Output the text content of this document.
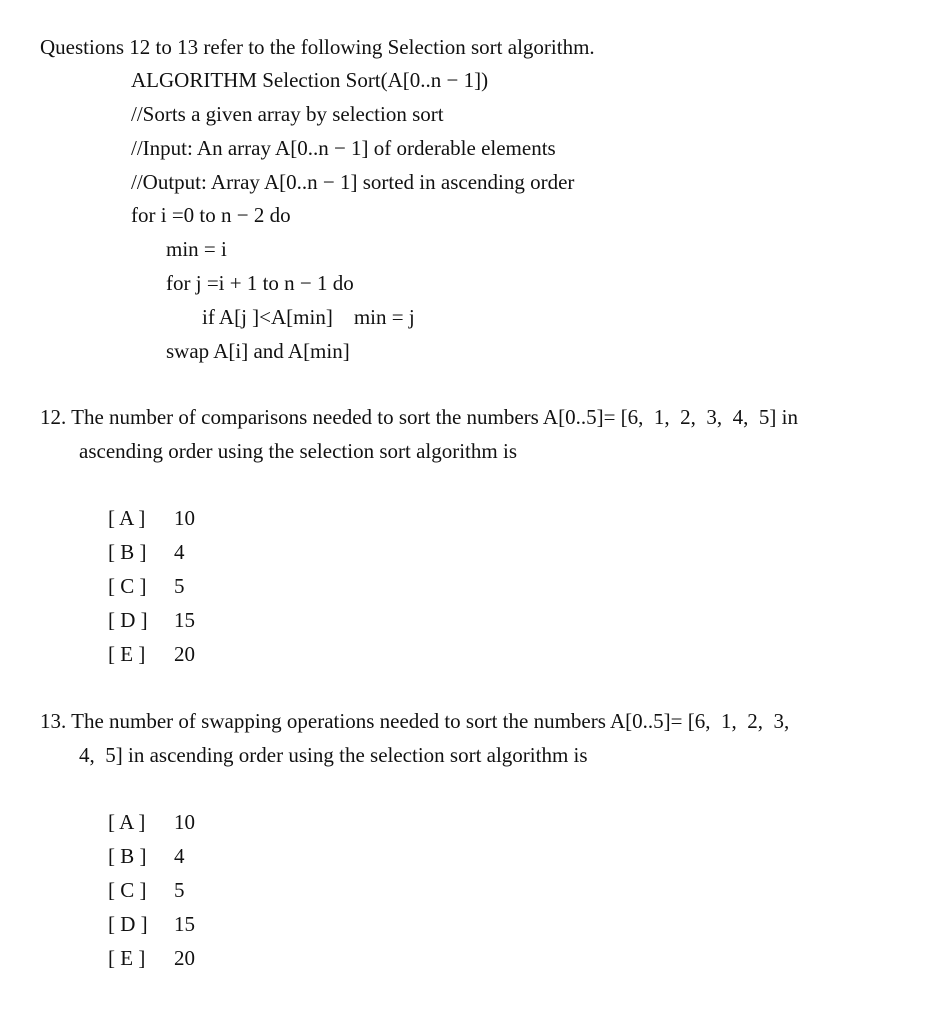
Questions 12 to 13 refer to the following Selection sort algorithm.
ALGORITHM Selection Sort(A[0..n − 1])
//Sorts a given array by selection sort
//Input: An array A[0..n − 1] of orderable elements
//Output: Array A[0..n − 1] sorted in ascending order
for i =0 to n − 2 do
min = i
for j =i + 1 to n − 1 do
if A[j ]<A[min]    min = j
swap A[i] and A[min]
12. The number of comparisons needed to sort the numbers A[0..5]= [6,  1,  2,  3,  4,  5] in
ascending order using the selection sort algorithm is
[ A ] 10
[ B ] 4
[ C ] 5
[ D ] 15
[ E ] 20
13. The number of swapping operations needed to sort the numbers A[0..5]= [6,  1,  2,  3,
4,  5] in ascending order using the selection sort algorithm is
[ A ] 10
[ B ] 4
[ C ] 5
[ D ] 15
[ E ] 20
